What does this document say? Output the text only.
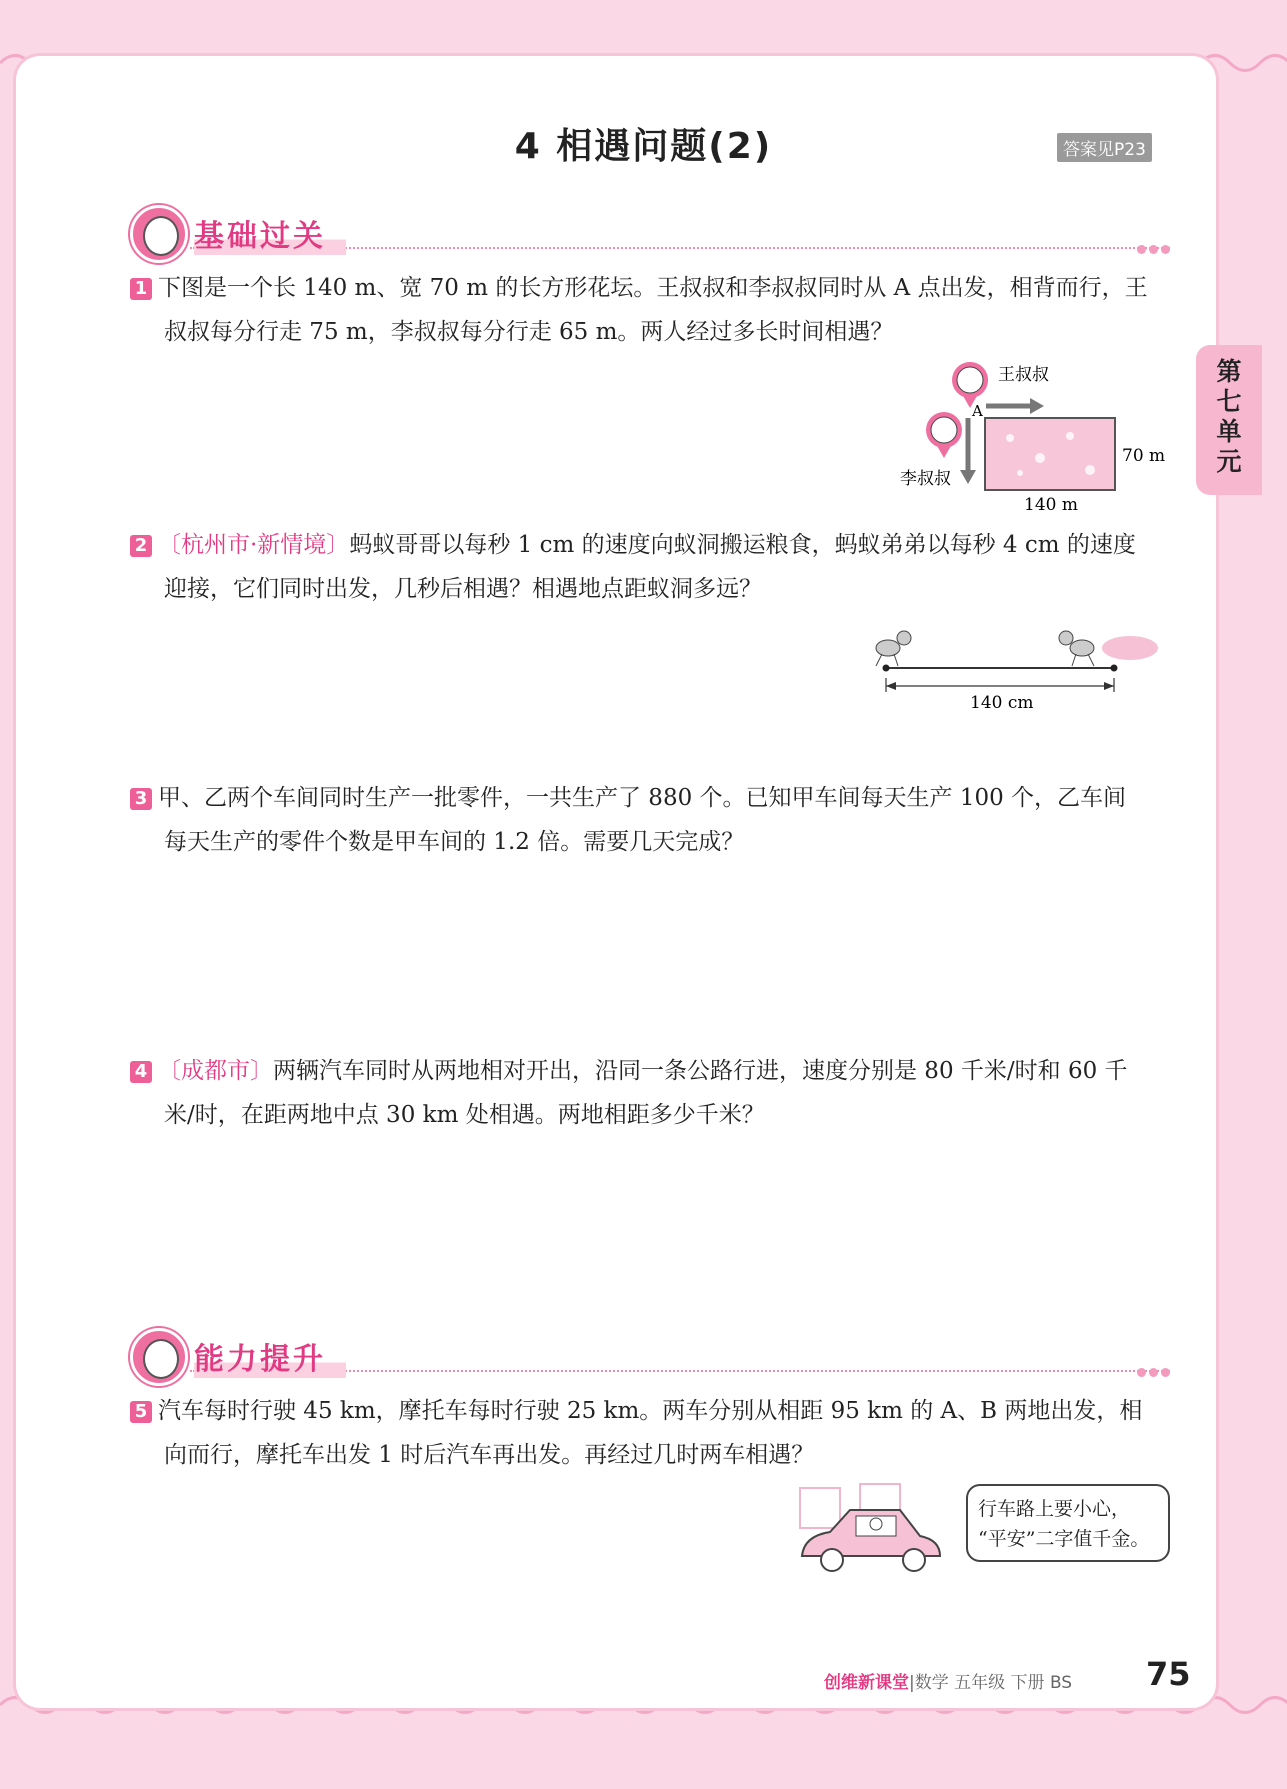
4 相遇问题(2)	答案见P23
第
七
单
元
基础过关
1 下图是一个长 140 m、宽 70 m 的长方形花坛。王叔叔和李叔叔同时从 A 点出发，相背而行，王
叔叔每分行走 75 m，李叔叔每分行走 65 m。两人经过多长时间相遇？
王叔叔
A
李叔叔
70 m
140 m
2 〔杭州市·新情境〕蚂蚁哥哥以每秒 1 cm 的速度向蚁洞搬运粮食，蚂蚁弟弟以每秒 4 cm 的速度
迎接，它们同时出发，几秒后相遇？相遇地点距蚁洞多远？
140 cm
3 甲、乙两个车间同时生产一批零件，一共生产了 880 个。已知甲车间每天生产 100 个，乙车间
每天生产的零件个数是甲车间的 1.2 倍。需要几天完成？
4 〔成都市〕两辆汽车同时从两地相对开出，沿同一条公路行进，速度分别是 80 千米/时和 60 千
米/时，在距两地中点 30 km 处相遇。两地相距多少千米？
能力提升
5 汽车每时行驶 45 km，摩托车每时行驶 25 km。两车分别从相距 95 km 的 A、B 两地出发，相
向而行，摩托车出发 1 时后汽车再出发。再经过几时两车相遇？
行车路上要小心，
“平安”二字值千金。
创维新课堂|数学 五年级 下册 BS 75
